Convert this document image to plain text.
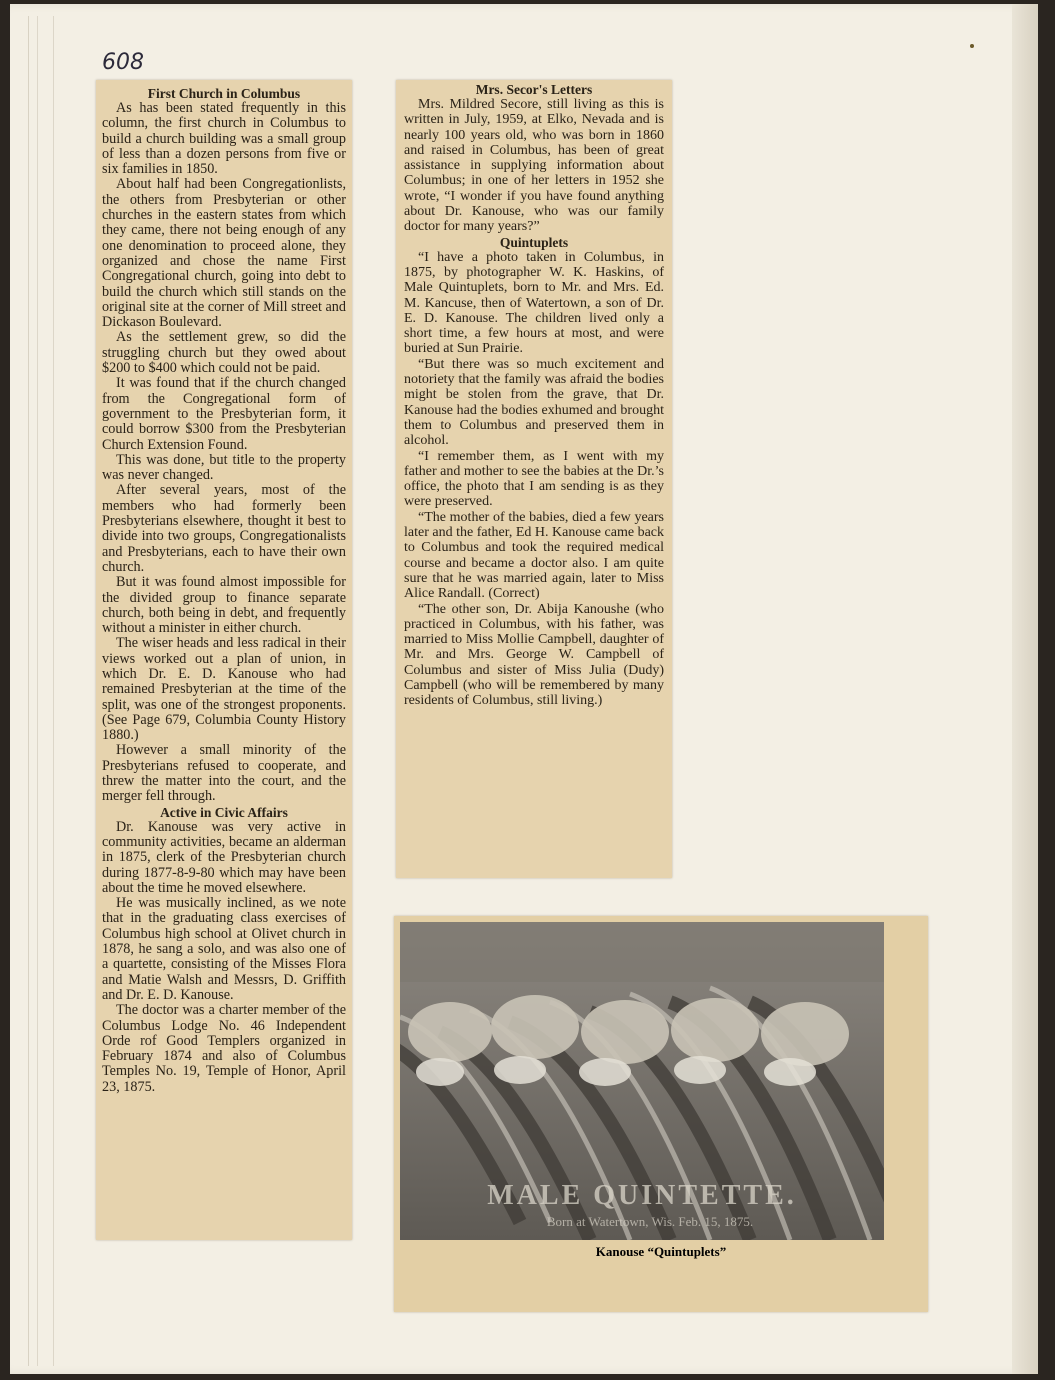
608

First Church in Columbus

As has been stated frequently in this column, the first church in Columbus to build a church building was a small group of less than a dozen persons from five or six families in 1850.

About half had been Congregationlists, the others from Presbyterian or other churches in the eastern states from which they came, there not being enough of any one denomination to proceed alone, they organized and chose the name First Congregational church, going into debt to build the church which still stands on the original site at the corner of Mill street and Dickason Boulevard.

As the settlement grew, so did the struggling church but they owed about $200 to $400 which could not be paid.

It was found that if the church changed from the Congregational form of government to the Presbyterian form, it could borrow $300 from the Presbyterian Church Extension Found.

This was done, but title to the property was never changed.

After several years, most of the members who had formerly been Presbyterians elsewhere, thought it best to divide into two groups, Congregationalists and Presbyterians, each to have their own church.

But it was found almost impossible for the divided group to finance separate church, both being in debt, and frequently without a minister in either church.

The wiser heads and less radical in their views worked out a plan of union, in which Dr. E. D. Kanouse who had remained Presbyterian at the time of the split, was one of the strongest proponents. (See Page 679, Columbia County History 1880.)

However a small minority of the Presbyterians refused to cooperate, and threw the matter into the court, and the merger fell through.

Active in Civic Affairs

Dr. Kanouse was very active in community activities, became an alderman in 1875, clerk of the Presbyterian church during 1877-8-9-80 which may have been about the time he moved elsewhere.

He was musically inclined, as we note that in the graduating class exercises of Columbus high school at Olivet church in 1878, he sang a solo, and was also one of a quartette, consisting of the Misses Flora and Matie Walsh and Messrs, D. Griffith and Dr. E. D. Kanouse.

The doctor was a charter member of the Columbus Lodge No. 46 Independent Orde rof Good Templers organized in February 1874 and also of Columbus Temples No. 19, Temple of Honor, April 23, 1875.

Mrs. Secor's Letters

Mrs. Mildred Secore, still living as this is written in July, 1959, at Elko, Nevada and is nearly 100 years old, who was born in 1860 and raised in Columbus, has been of great assistance in supplying information about Columbus; in one of her letters in 1952 she wrote, “I wonder if you have found anything about Dr. Kanouse, who was our family doctor for many years?”

Quintuplets

“I have a photo taken in Columbus, in 1875, by photographer W. K. Haskins, of Male Quintuplets, born to Mr. and Mrs. Ed. M. Kancuse, then of Watertown, a son of Dr. E. D. Kanouse. The children lived only a short time, a few hours at most, and were buried at Sun Prairie.

“But there was so much excitement and notoriety that the family was afraid the bodies might be stolen from the grave, that Dr. Kanouse had the bodies exhumed and brought them to Columbus and preserved them in alcohol.

“I remember them, as I went with my father and mother to see the babies at the Dr.’s office, the photo that I am sending is as they were preserved.

“The mother of the babies, died a few years later and the father, Ed H. Kanouse came back to Columbus and took the required medical course and became a doctor also. I am quite sure that he was married again, later to Miss Alice Randall. (Correct)

“The other son, Dr. Abija Kanoushe (who practiced in Columbus, with his father, was married to Miss Mollie Campbell, daughter of Mr. and Mrs. George W. Campbell of Columbus and sister of Miss Julia (Dudy) Campbell (who will be remembered by many residents of Columbus, still living.)

MALE QUINTETTE.
Born at Watertown, Wis. Feb. 15, 1875.
Kanouse “Quintuplets”
